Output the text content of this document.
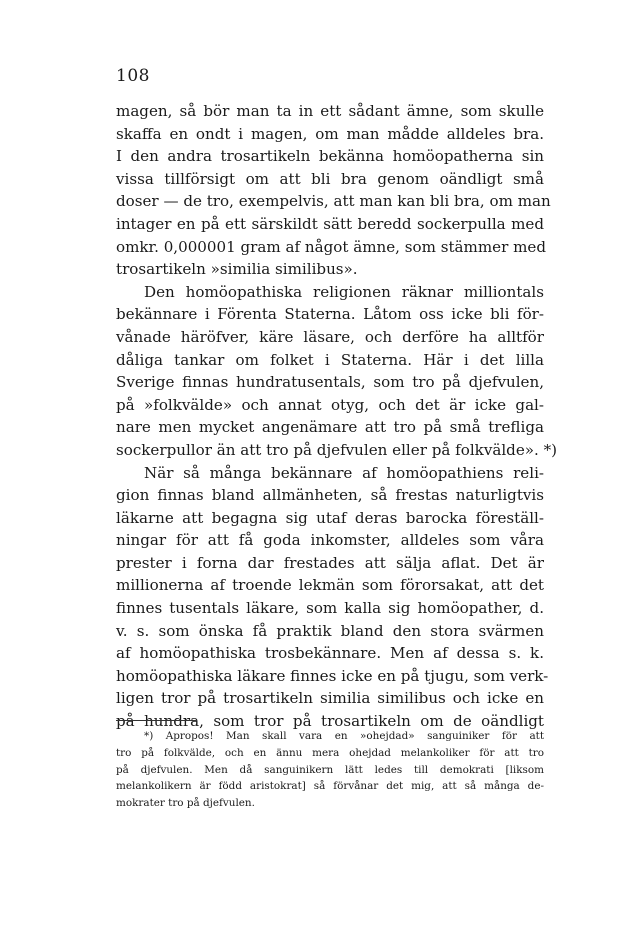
108
magen, så bör man ta in ett sådant ämne, som skulle
skaffa en ondt i magen, om man mådde alldeles bra.
I den andra trosartikeln bekänna homöopatherna sin
vissa tillförsigt om att bli bra genom oändligt små
doser — de tro, exempelvis, att man kan bli bra, om man
intager en på ett särskildt sätt beredd sockerpulla med
omkr. 0,000001 gram af något ämne, som stämmer med
trosartikeln »similia similibus».
Den homöopathiska religionen räknar milliontals
bekännare i Förenta Staterna. Låtom oss icke bli för-
vånade häröfver, käre läsare, och derföre ha alltför
dåliga tankar om folket i Staterna. Här i det lilla
Sverige finnas hundratusentals, som tro på djefvulen,
på »folkvälde» och annat otyg, och det är icke gal-
nare men mycket angenämare att tro på små trefliga
sockerpullor än att tro på djefvulen eller på folkvälde». *)
När så många bekännare af homöopathiens reli-
gion finnas bland allmänheten, så frestas naturligtvis
läkarne att begagna sig utaf deras barocka föreställ-
ningar för att få goda inkomster, alldeles som våra
prester i forna dar frestades att sälja aflat. Det är
millionerna af troende lekmän som förorsakat, att det
finnes tusentals läkare, som kalla sig homöopather, d.
v. s. som önska få praktik bland den stora svärmen
af homöopathiska trosbekännare. Men af dessa s. k.
homöopathiska läkare finnes icke en på tjugu, som verk-
ligen tror på trosartikeln similia similibus och icke en
på hundra, som tror på trosartikeln om de oändligt
*) Apropos! Man skall vara en »ohejdad» sanguiniker för att
tro på folkvälde, och en ännu mera ohejdad melankoliker för att tro
på djefvulen. Men då sanguinikern lätt ledes till demokrati [liksom
melankolikern är född aristokrat] så förvånar det mig, att så många de-
mokrater tro på djefvulen.
